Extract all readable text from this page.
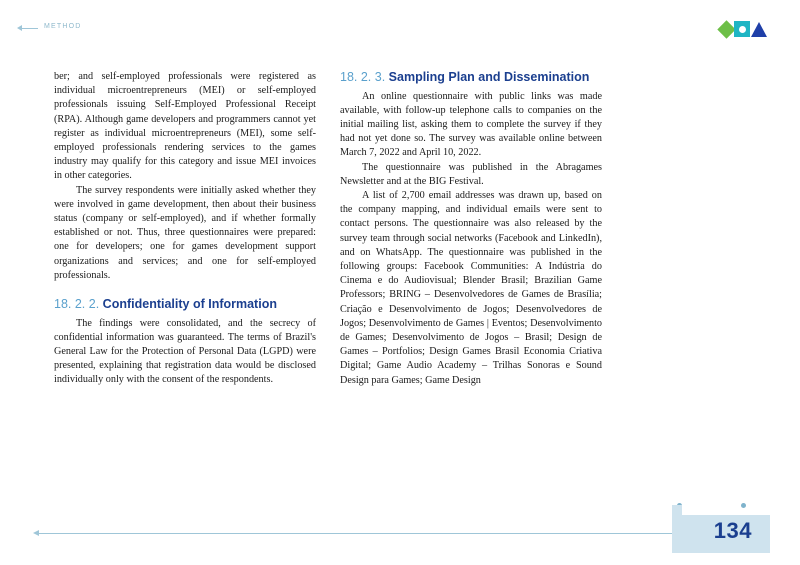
METHOD

ber; and self-employed professionals were registered as individual microentrepreneurs (MEI) or self-employed professionals issuing Self-Employed Professional Receipt (RPA). Although game developers and programmers cannot yet register as individual microentrepreneurs (MEI), some self-employed professionals rendering services to the games industry may qualify for this category and issue MEI invoices in other categories.

The survey respondents were initially asked whether they were involved in game development, then about their business status (company or self-employed), and if whether formally established or not. Thus, three questionnaires were prepared: one for developers; one for games development support organizations and services; and one for self-employed professionals.

18. 2. 2. Confidentiality of Information

The findings were consolidated, and the secrecy of confidential information was guaranteed. The terms of Brazil's General Law for the Protection of Personal Data (LGPD) were presented, explaining that registration data would be disclosed individually only with the consent of the respondents.

18. 2. 3. Sampling Plan and Dissemination

An online questionnaire with public links was made available, with follow-up telephone calls to companies on the initial mailing list, asking them to complete the survey if they had not yet done so. The survey was available online between March 7, 2022 and April 10, 2022.

The questionnaire was published in the Abragames Newsletter and at the BIG Festival.

A list of 2,700 email addresses was drawn up, based on the company mapping, and individual emails were sent to contact persons. The questionnaire was also released by the survey team through social networks (Facebook and LinkedIn), and on WhatsApp. The questionnaire was published in the following groups: Facebook Communities: A Indústria do Cinema e do Audiovisual; Blender Brasil; Brazilian Game Professors; BRING – Desenvolvedores de Games de Brasília; Criação e Desenvolvimento de Jogos; Desenvolvedores de Jogos; Desenvolvimento de Games | Eventos; Desenvolvimento de Games; Desenvolvimento de Jogos – Brasil; Design de Games – Portfolios; Design Games Brasil Economia Criativa Digital; Game Audio Academy – Trilhas Sonoras e Sound Design para Games; Game Design

134
